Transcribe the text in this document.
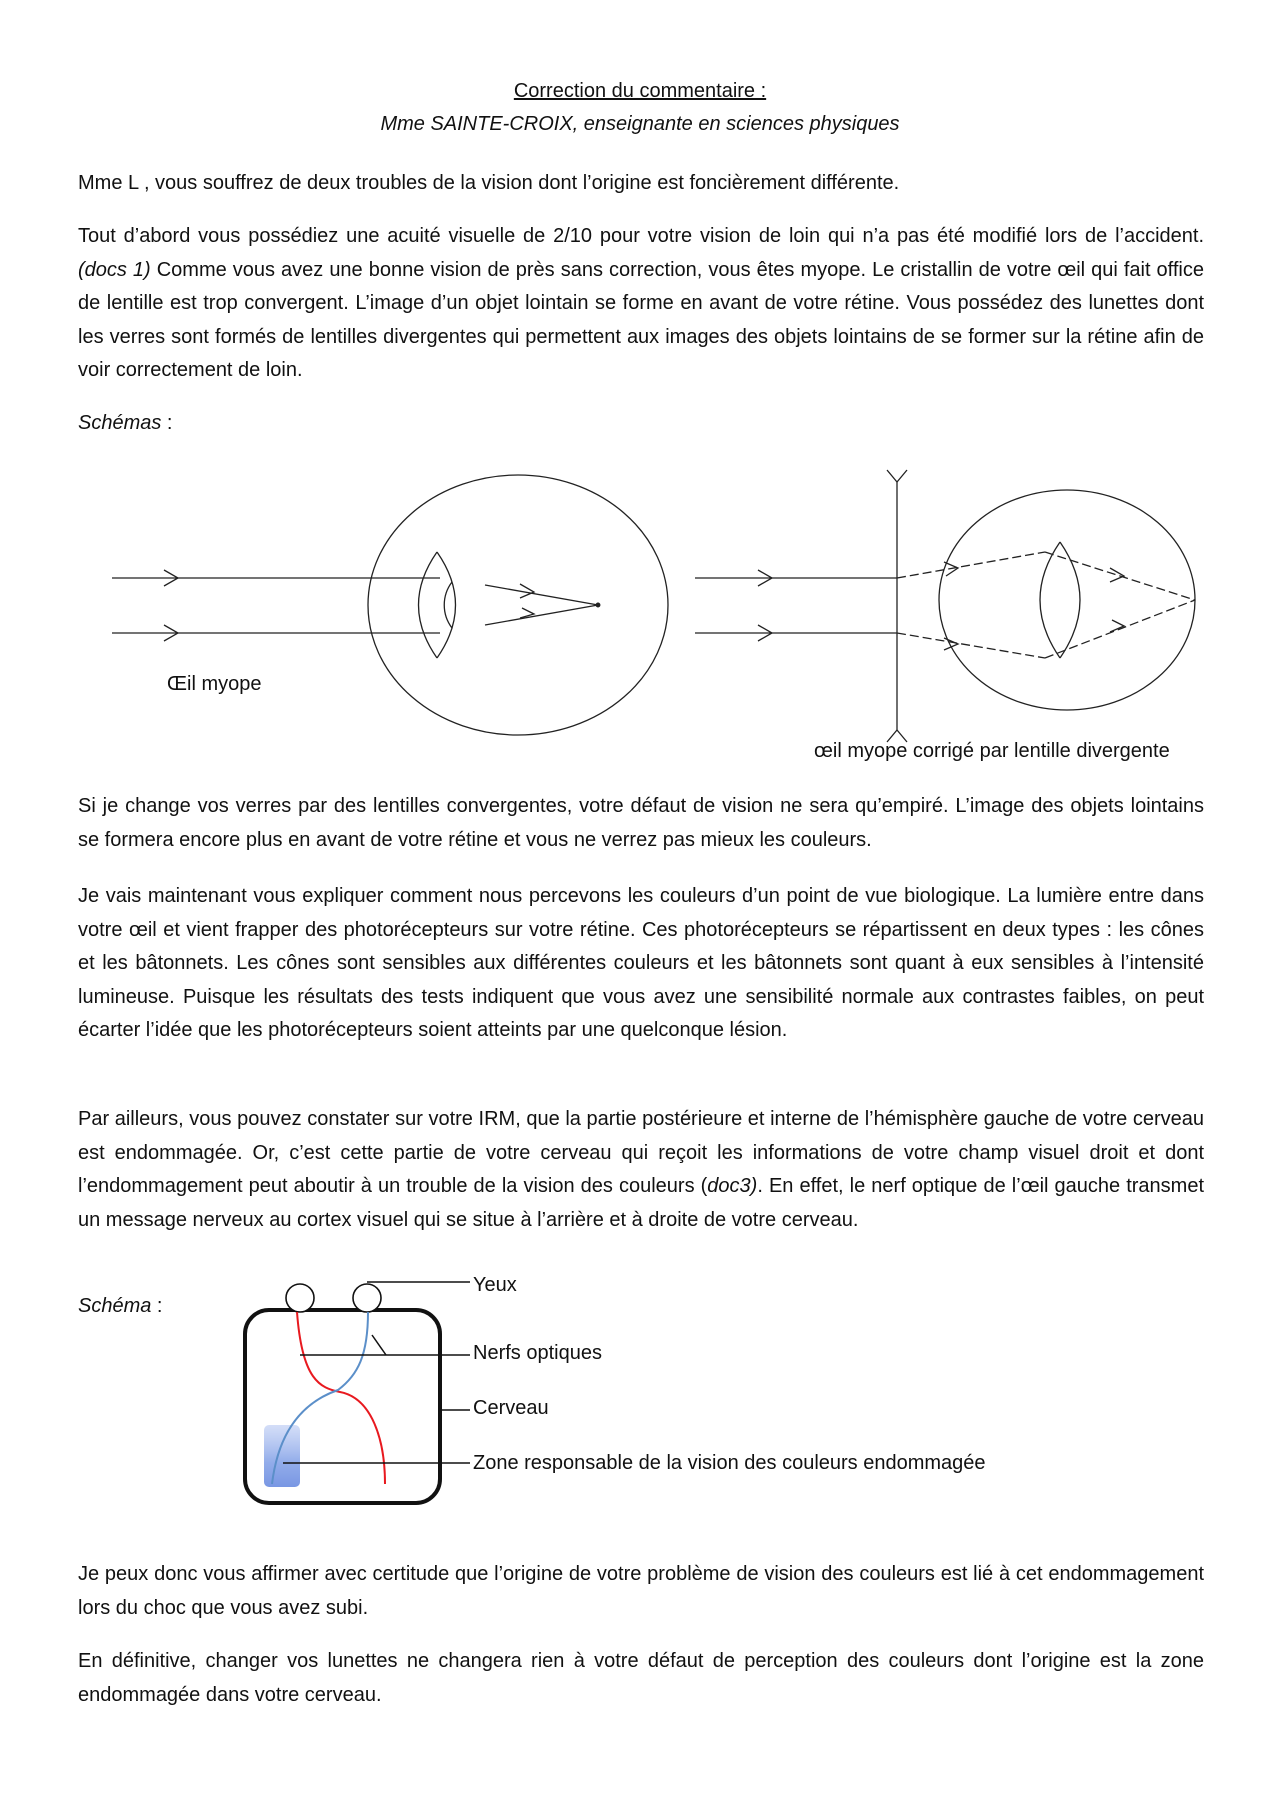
Correction du commentaire :
Mme SAINTE-CROIX, enseignante en sciences physiques

Mme L , vous souffrez de deux troubles de la vision dont l’origine est foncièrement différente.

Tout d’abord vous possédiez une acuité visuelle de 2/10 pour votre vision de loin qui n’a pas été modifié lors de l’accident. (docs 1) Comme vous avez une bonne vision de près sans correction, vous êtes myope. Le cristallin de votre œil qui fait office de lentille est trop convergent. L’image d’un objet lointain se forme en avant de votre rétine. Vous possédez des lunettes dont les verres sont formés de lentilles divergentes qui permettent aux images des objets lointains de se former sur la rétine afin de voir correctement de loin.

Schémas :
Œil myope
œil myope corrigé par lentille divergente

Si je change vos verres par des lentilles convergentes, votre défaut de vision ne sera qu’empiré. L’image des objets lointains se formera encore plus en avant de votre rétine et vous ne verrez pas mieux les couleurs.

Je vais maintenant vous expliquer comment nous percevons les couleurs d’un point de vue biologique. La lumière entre dans votre œil et vient frapper des photorécepteurs sur votre rétine. Ces photorécepteurs se répartissent en deux types : les cônes et les bâtonnets. Les cônes sont sensibles aux différentes couleurs et les bâtonnets sont quant à eux sensibles à l’intensité lumineuse. Puisque les résultats des tests indiquent que vous avez une sensibilité normale aux contrastes faibles, on peut écarter l’idée que les photorécepteurs soient atteints par une quelconque lésion.

Par ailleurs, vous pouvez constater sur votre IRM, que la partie postérieure et interne de l’hémisphère gauche de votre cerveau est endommagée. Or, c’est cette partie de votre cerveau qui reçoit les informations de votre champ visuel droit et dont l’endommagement peut aboutir à un trouble de la vision des couleurs (doc3). En effet, le nerf optique de l’œil gauche transmet un message nerveux au cortex visuel qui se situe à l’arrière et à droite de votre cerveau.

Schéma :
Yeux
Nerfs optiques
Cerveau
Zone responsable de la vision des couleurs endommagée

Je peux donc vous affirmer avec certitude que l’origine de votre problème de vision des couleurs est lié à cet endommagement lors du choc que vous avez subi.

En définitive, changer vos lunettes ne changera rien à votre défaut de perception des couleurs dont l’origine est la zone endommagée dans votre cerveau.
